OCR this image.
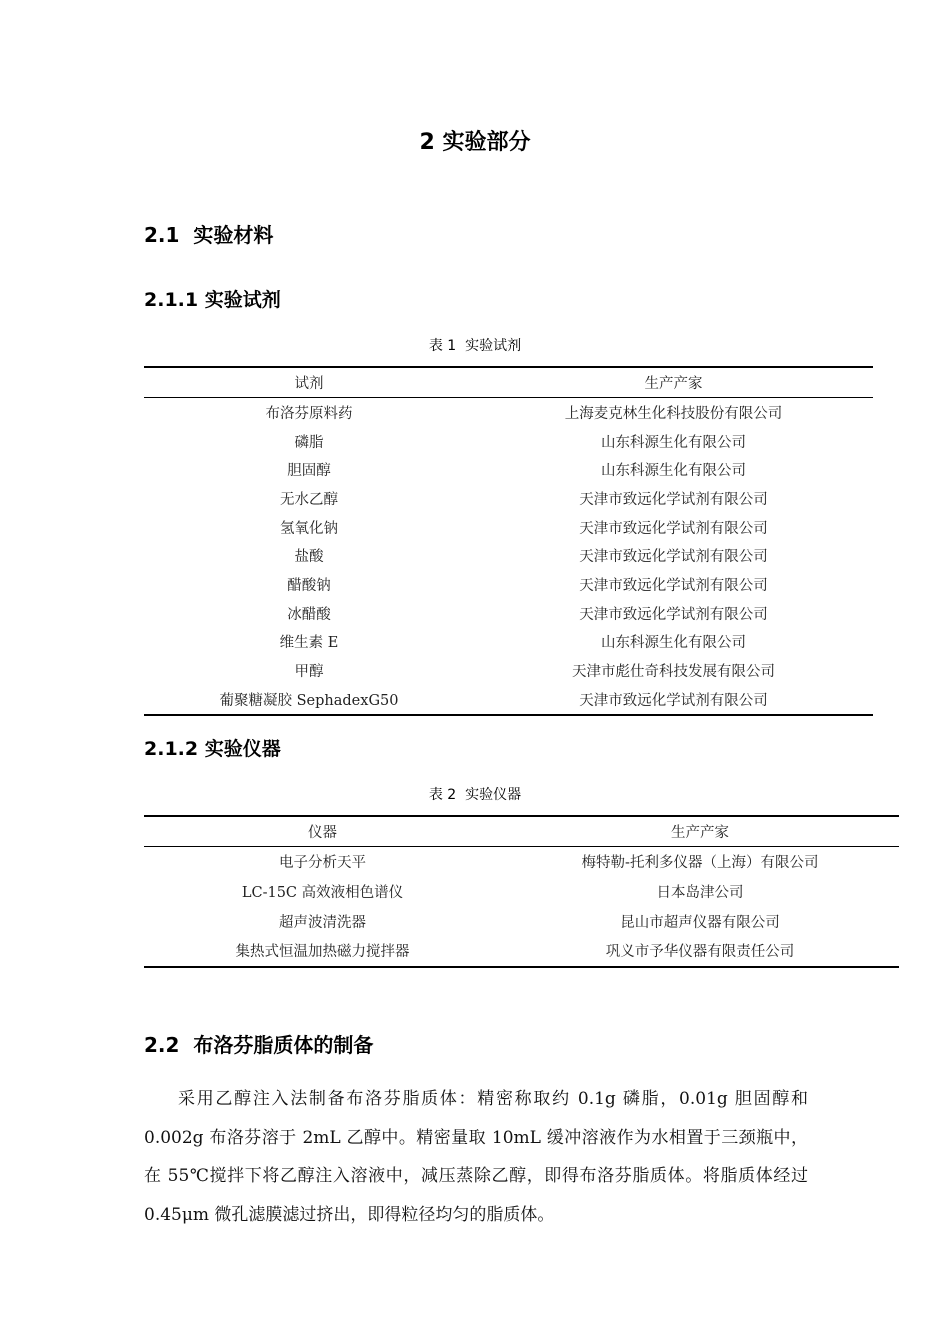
2 实验部分
2.1  实验材料
2.1.1 实验试剂
表 1  实验试剂
试剂	生产产家
布洛芬原料药	上海麦克林生化科技股份有限公司
磷脂	山东科源生化有限公司
胆固醇	山东科源生化有限公司
无水乙醇	天津市致远化学试剂有限公司
氢氧化钠	天津市致远化学试剂有限公司
盐酸	天津市致远化学试剂有限公司
醋酸钠	天津市致远化学试剂有限公司
冰醋酸	天津市致远化学试剂有限公司
维生素 E	山东科源生化有限公司
甲醇	天津市彪仕奇科技发展有限公司
葡聚糖凝胶 SephadexG50	天津市致远化学试剂有限公司
2.1.2 实验仪器
表 2  实验仪器
仪器	生产产家
电子分析天平	梅特勒-托利多仪器（上海）有限公司
LC-15C 高效液相色谱仪	日本岛津公司
超声波清洗器	昆山市超声仪器有限公司
集热式恒温加热磁力搅拌器	巩义市予华仪器有限责任公司
2.2  布洛芬脂质体的制备
采用乙醇注入法制备布洛芬脂质体：精密称取约 0.1g 磷脂，0.01g 胆固醇和 0.002g 布洛芬溶于 2mL 乙醇中。精密量取 10mL 缓冲溶液作为水相置于三颈瓶中，在 55℃搅拌下将乙醇注入溶液中，减压蒸除乙醇，即得布洛芬脂质体。将脂质体经过 0.45μm 微孔滤膜滤过挤出，即得粒径均匀的脂质体。
